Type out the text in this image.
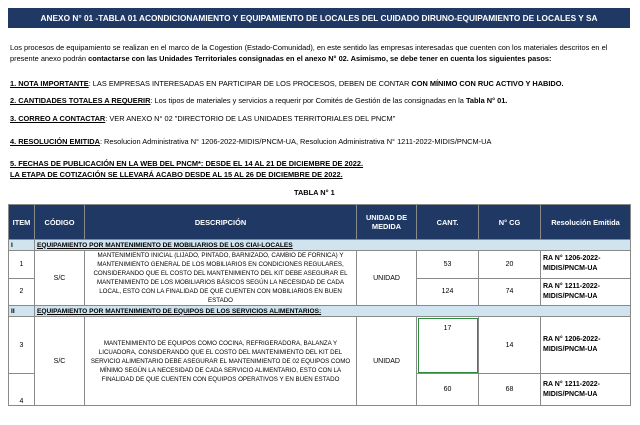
ANEXO N° 01 -TABLA 01 ACONDICIONAMIENTO Y EQUIPAMIENTO DE LOCALES DEL CUIDADO DIRUNO-EQUIPAMIENTO DE LOCALES Y SA
Los procesos de equipamiento se realizan en el marco de la Cogestion (Estado-Comunidad), en este sentido las empresas interesadas que cuenten con los materiales descritos en el presente anexo podrán contactarse con las Unidades Territoriales consignadas en el anexo N° 02. Asimismo, se debe tener en cuenta los siguientes pasos:
1. NOTA IMPORTANTE: LAS EMPRESAS INTERESADAS EN PARTICIPAR DE LOS PROCESOS, DEBEN DE CONTAR CON MÍNIMO CON RUC ACTIVO Y HABIDO.
2. CANTIDADES TOTALES A REQUERIR: Los tipos de materiales y servicios a requerir por Comités de Gestión de las consignadas en la Tabla N° 01.
3. CORREO A CONTACTAR: VER ANEXO N° 02 "DIRECTORIO DE LAS UNIDADES TERRITORIALES DEL PNCM"
4. RESOLUCIÓN EMITIDA: Resolucion Administrativa N° 1206-2022-MIDIS/PNCM-UA, Resolucion Administrativa N° 1211-2022-MIDIS/PNCM-UA
5. FECHAS DE PUBLICACIÓN EN LA WEB DEL PNCM*: DESDE EL 14 AL 21 DE DICIEMBRE DE 2022.
LA ETAPA DE COTIZACIÓN SE LLEVARÁ ACABO DESDE AL 15 AL 26 DE DICIEMBRE DE 2022.
TABLA N° 1
ITEM	CÓDIGO	DESCRIPCIÓN	UNIDAD DE MEDIDA	CANT.	N° CG	Resolución Emitida
I	EQUIPAMIENTO POR MANTENIMIENTO DE MOBILIARIOS DE LOS CIAI-LOCALES					
1	S/C	MANTENIMIENTO INICIAL (LIJADO, PINTADO, BARNIZADO, CAMBIO DE FORNICA) Y MANTENIMIENTO GENERAL DE LOS MOBILIARIOS EN CONDICIONES REGULARES, CONSIDERANDO QUE EL COSTO DEL MANTENIMIENTO DEL KIT DEBE ASEGURAR EL MANTENIMIENTO DE LOS MOBILIARIOS BÁSICOS SEGÚN LA NECESIDAD DE CADA LOCAL, ESTO CON LA FINALIDAD DE QUE CUENTEN CON MOBILIARIOS EN BUEN ESTADO	UNIDAD	53	20	RA N° 1206-2022-MIDIS/PNCM-UA
2				124	74	RA N° 1211-2022-MIDIS/PNCM-UA
II	EQUIPAMIENTO POR MANTENIMIENTO DE EQUIPOS DE LOS SERVICIOS ALIMENTARIOS:					
3	S/C	MANTENIMIENTO DE EQUIPOS COMO COCINA, REFRIGERADORA, BALANZA Y LICUADORA, CONSIDERANDO QUE EL COSTO DEL MANTENIMIENTO DEL KIT DEL SERVICIO ALIMENTARIO DEBE ASEGURAR EL MANTENIMIENTO DE 02 EQUIPOS COMO MÍNIMO SEGÚN LA NECESIDAD DE CADA SERVICIO ALIMENTARIO, ESTO CON LA FINALIDAD DE QUE CUENTEN CON EQUIPOS OPERATIVOS Y EN BUEN ESTADO	UNIDAD	17	14	RA N° 1206-2022-MIDIS/PNCM-UA
4				60	68	RA N° 1211-2022-MIDIS/PNCM-UA
